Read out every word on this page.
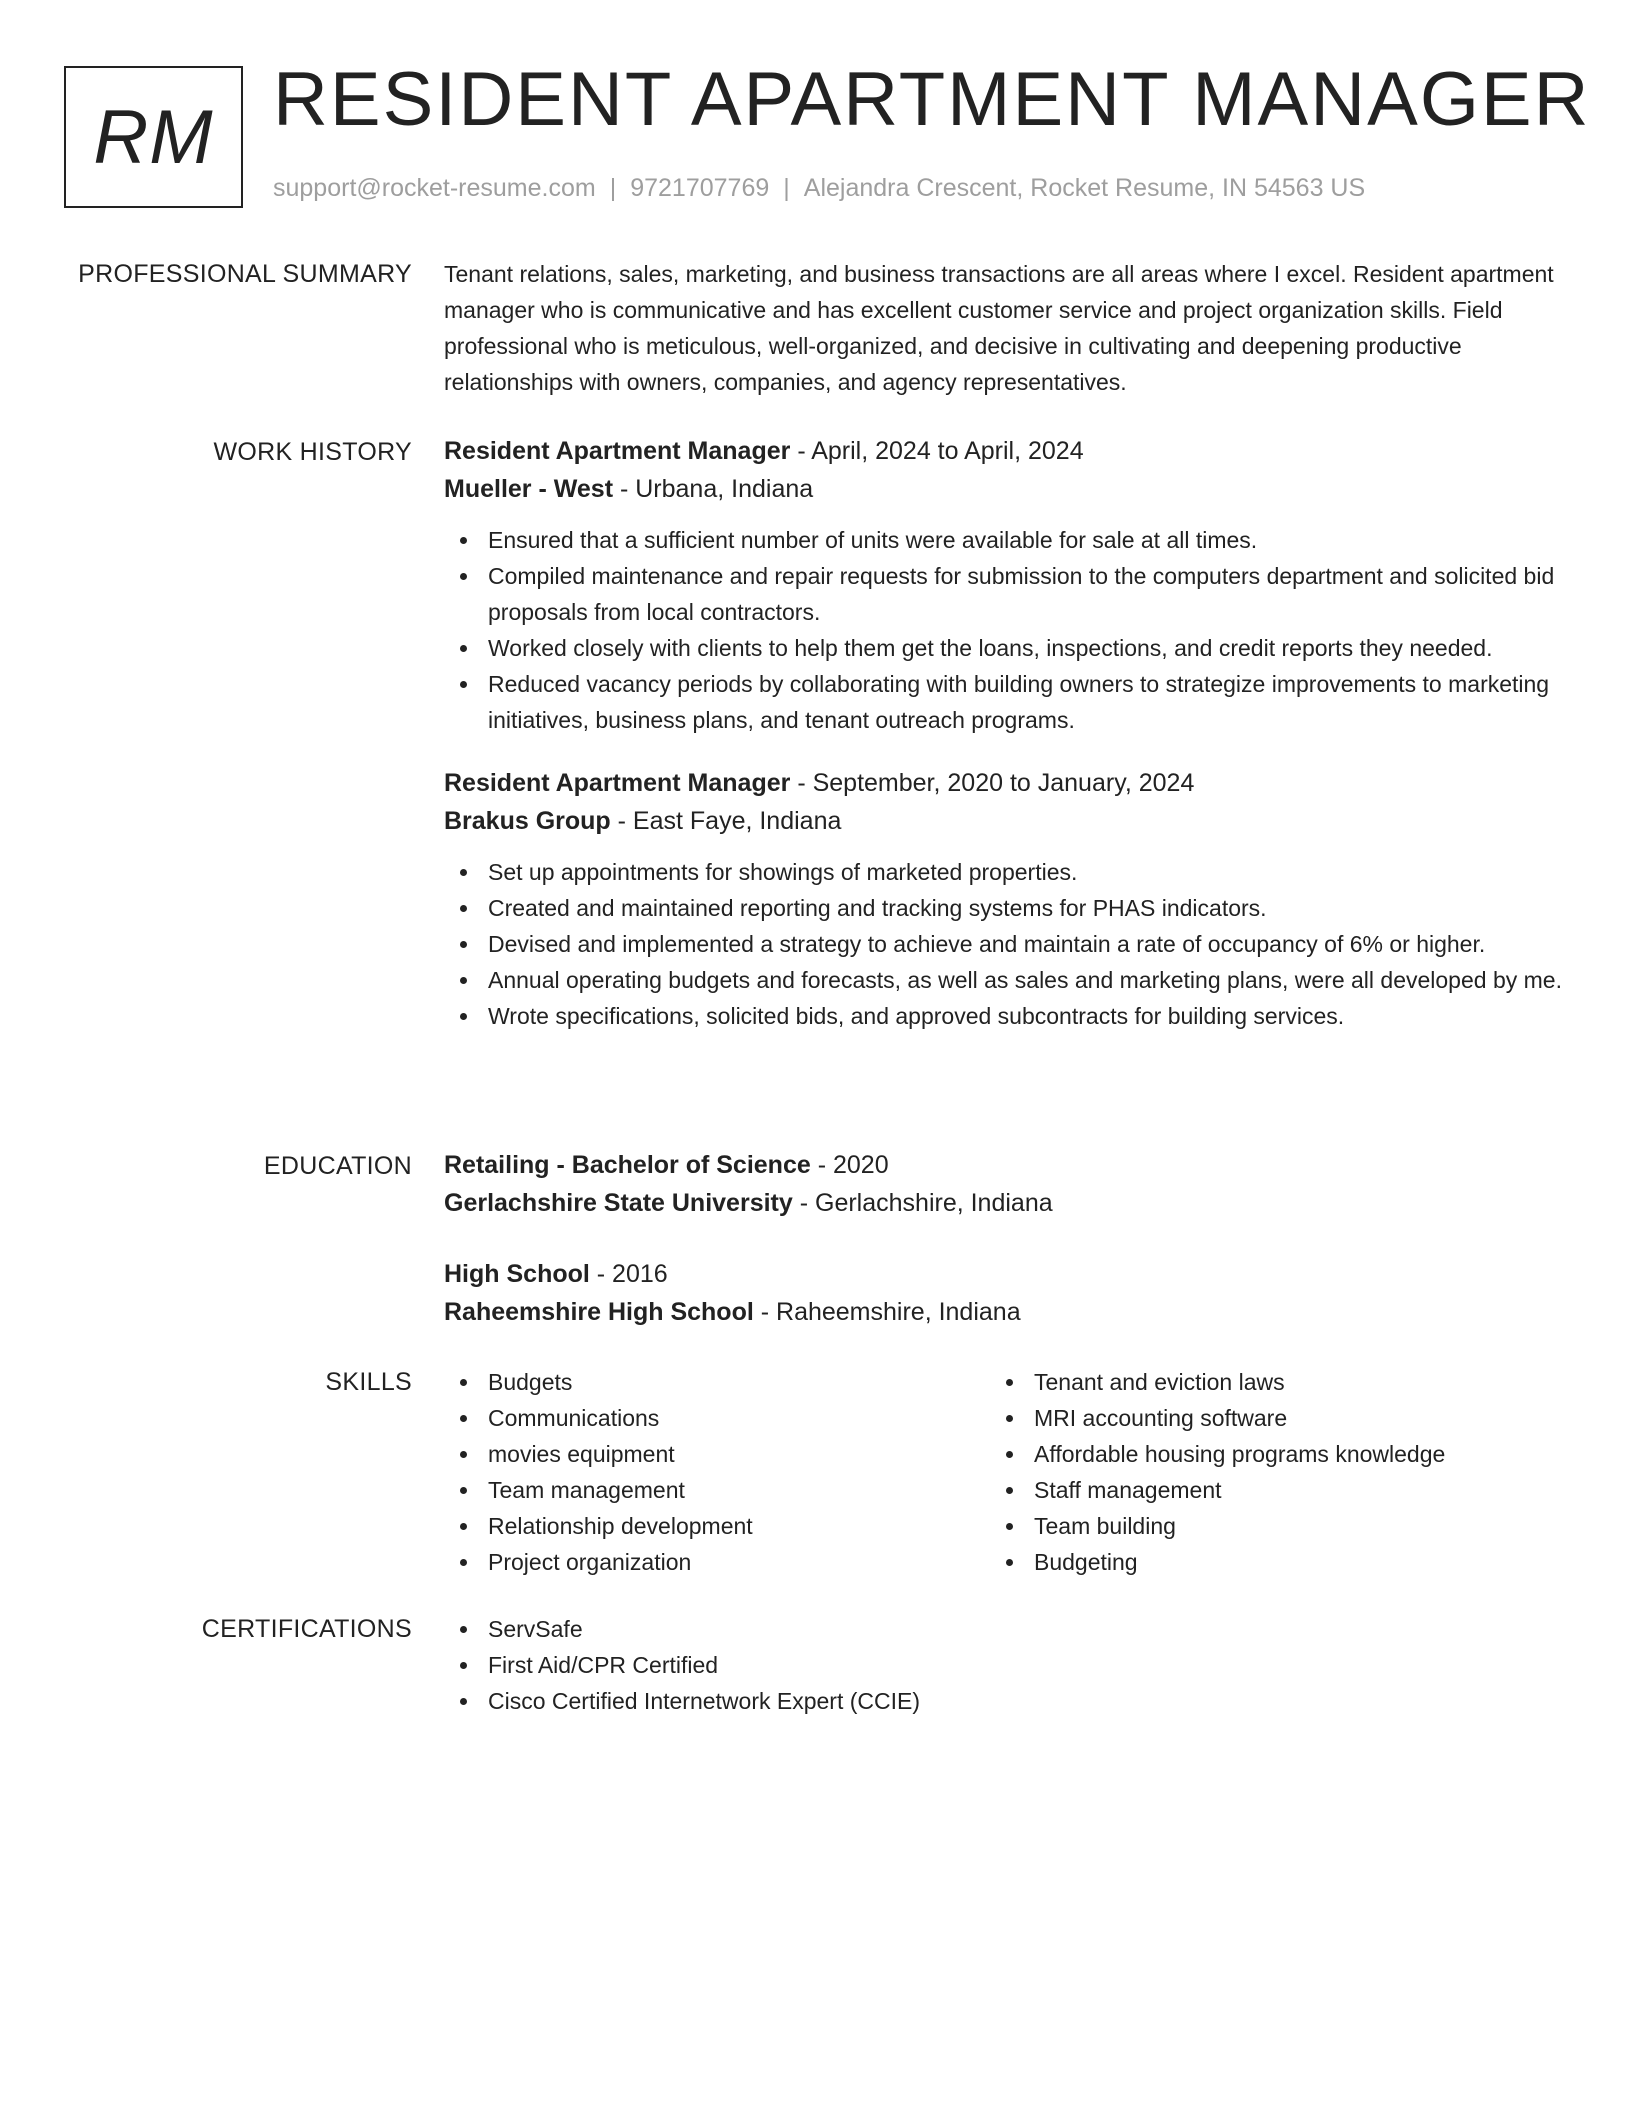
RM RESIDENT APARTMENT MANAGER
support@rocket-resume.com | 9721707769 | Alejandra Crescent, Rocket Resume, IN 54563 US
PROFESSIONAL SUMMARY Tenant relations, sales, marketing, and business transactions are all areas where I excel. Resident apartment manager who is communicative and has excellent customer service and project organization skills. Field professional who is meticulous, well-organized, and decisive in cultivating and deepening productive relationships with owners, companies, and agency representatives.

WORK HISTORY Resident Apartment Manager - April, 2024 to April, 2024
Mueller - West - Urbana, Indiana
Ensured that a sufficient number of units were available for sale at all times.
Compiled maintenance and repair requests for submission to the computers department and solicited bid proposals from local contractors.
Worked closely with clients to help them get the loans, inspections, and credit reports they needed.
Reduced vacancy periods by collaborating with building owners to strategize improvements to marketing initiatives, business plans, and tenant outreach programs.
Resident Apartment Manager - September, 2020 to January, 2024
Brakus Group - East Faye, Indiana
Set up appointments for showings of marketed properties.
Created and maintained reporting and tracking systems for PHAS indicators.
Devised and implemented a strategy to achieve and maintain a rate of occupancy of 6% or higher.
Annual operating budgets and forecasts, as well as sales and marketing plans, were all developed by me.
Wrote specifications, solicited bids, and approved subcontracts for building services.
EDUCATION Retailing - Bachelor of Science - 2020
Gerlachshire State University - Gerlachshire, Indiana
High School - 2016
Raheemshire High School - Raheemshire, Indiana
SKILLS	Budgets
Communications
movies equipment
Team management
Relationship development
Project organization
Tenant and eviction laws
MRI accounting software
Affordable housing programs knowledge
Staff management
Team building
Budgeting
CERTIFICATIONS	ServSafe
First Aid/CPR Certified
Cisco Certified Internetwork Expert (CCIE)
